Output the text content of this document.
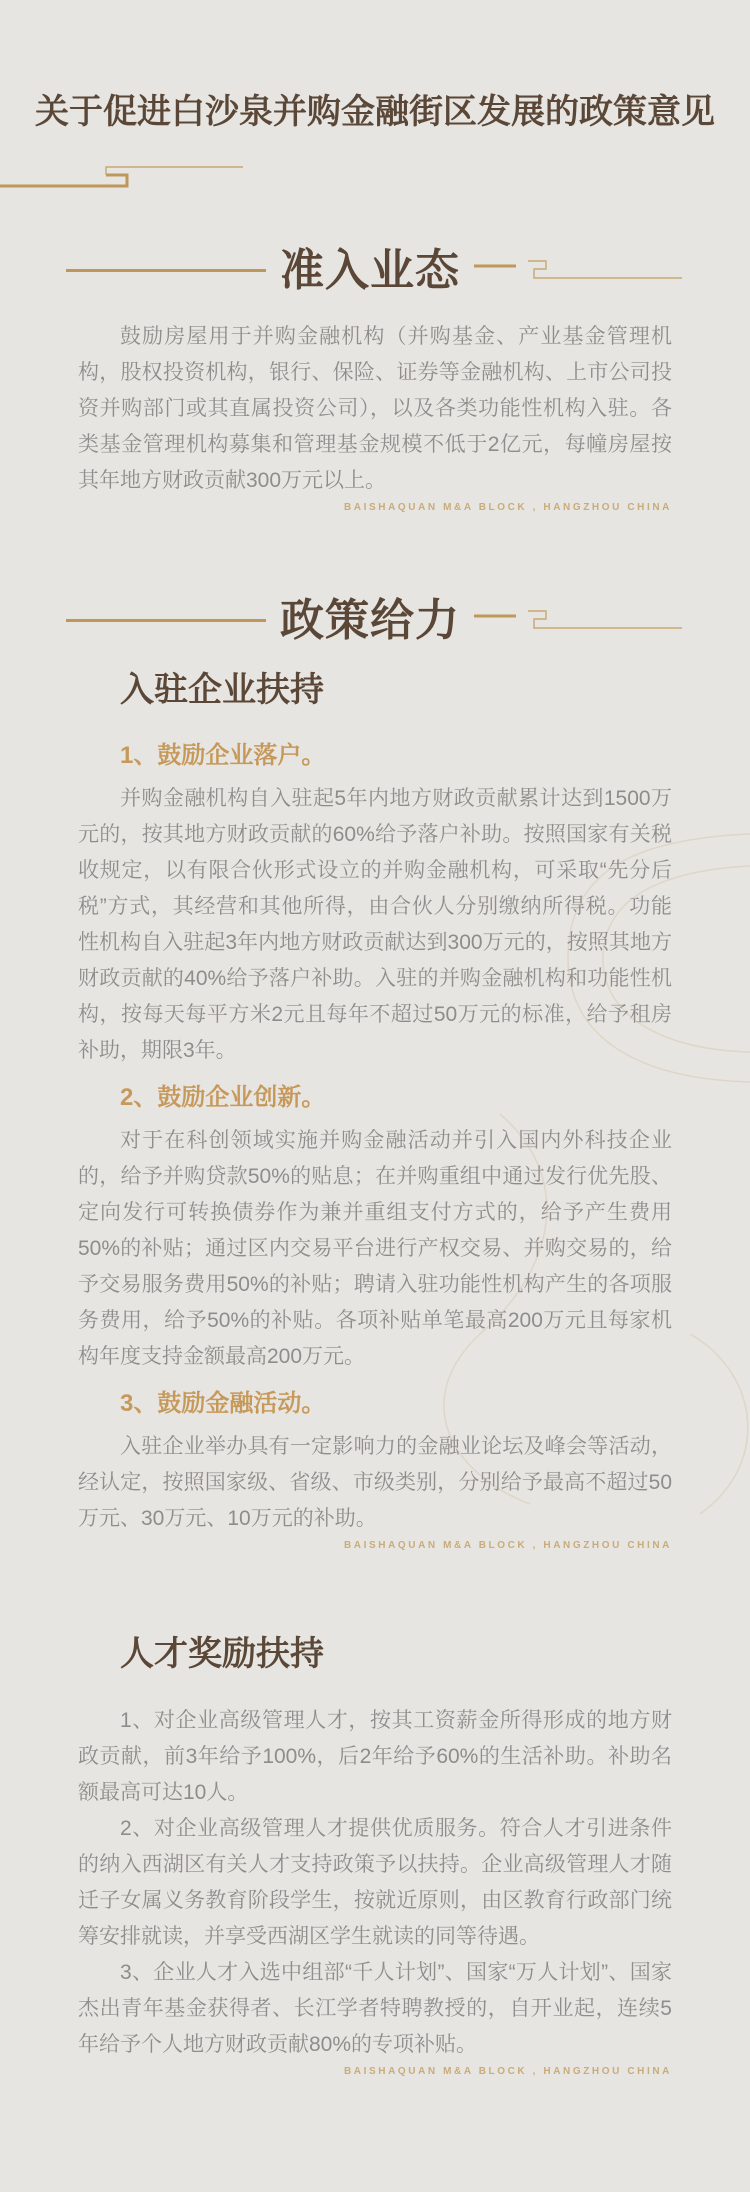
关于促进白沙泉并购金融街区发展的政策意见
准入业态

鼓励房屋用于并购金融机构（并购基金、产业基金管理机构，股权投资机构，银行、保险、证券等金融机构、上市公司投资并购部门或其直属投资公司），以及各类功能性机构入驻。各类基金管理机构募集和管理基金规模不低于2亿元，每幢房屋按其年地方财政贡献300万元以上。

BAISHAQUAN M&A BLOCK , HANGZHOU CHINA

政策给力
入驻企业扶持
1、鼓励企业落户。

并购金融机构自入驻起5年内地方财政贡献累计达到1500万元的，按其地方财政贡献的60%给予落户补助。按照国家有关税收规定，以有限合伙形式设立的并购金融机构，可采取“先分后税”方式，其经营和其他所得，由合伙人分别缴纳所得税。功能性机构自入驻起3年内地方财政贡献达到300万元的，按照其地方财政贡献的40%给予落户补助。入驻的并购金融机构和功能性机构，按每天每平方米2元且每年不超过50万元的标准，给予租房补助，期限3年。

2、鼓励企业创新。

对于在科创领域实施并购金融活动并引入国内外科技企业的，给予并购贷款50%的贴息；在并购重组中通过发行优先股、定向发行可转换债券作为兼并重组支付方式的，给予产生费用50%的补贴；通过区内交易平台进行产权交易、并购交易的，给予交易服务费用50%的补贴；聘请入驻功能性机构产生的各项服务费用，给予50%的补贴。各项补贴单笔最高200万元且每家机构年度支持金额最高200万元。

3、鼓励金融活动。

入驻企业举办具有一定影响力的金融业论坛及峰会等活动，经认定，按照国家级、省级、市级类别，分别给予最高不超过50万元、30万元、10万元的补助。

BAISHAQUAN M&A BLOCK , HANGZHOU CHINA

人才奖励扶持

1、对企业高级管理人才，按其工资薪金所得形成的地方财政贡献，前3年给予100%，后2年给予60%的生活补助。补助名额最高可达10人。

2、对企业高级管理人才提供优质服务。符合人才引进条件的纳入西湖区有关人才支持政策予以扶持。企业高级管理人才随迁子女属义务教育阶段学生，按就近原则，由区教育行政部门统筹安排就读，并享受西湖区学生就读的同等待遇。

3、企业人才入选中组部“千人计划”、国家“万人计划”、国家杰出青年基金获得者、长江学者特聘教授的，自开业起，连续5年给予个人地方财政贡献80%的专项补贴。

BAISHAQUAN M&A BLOCK , HANGZHOU CHINA
